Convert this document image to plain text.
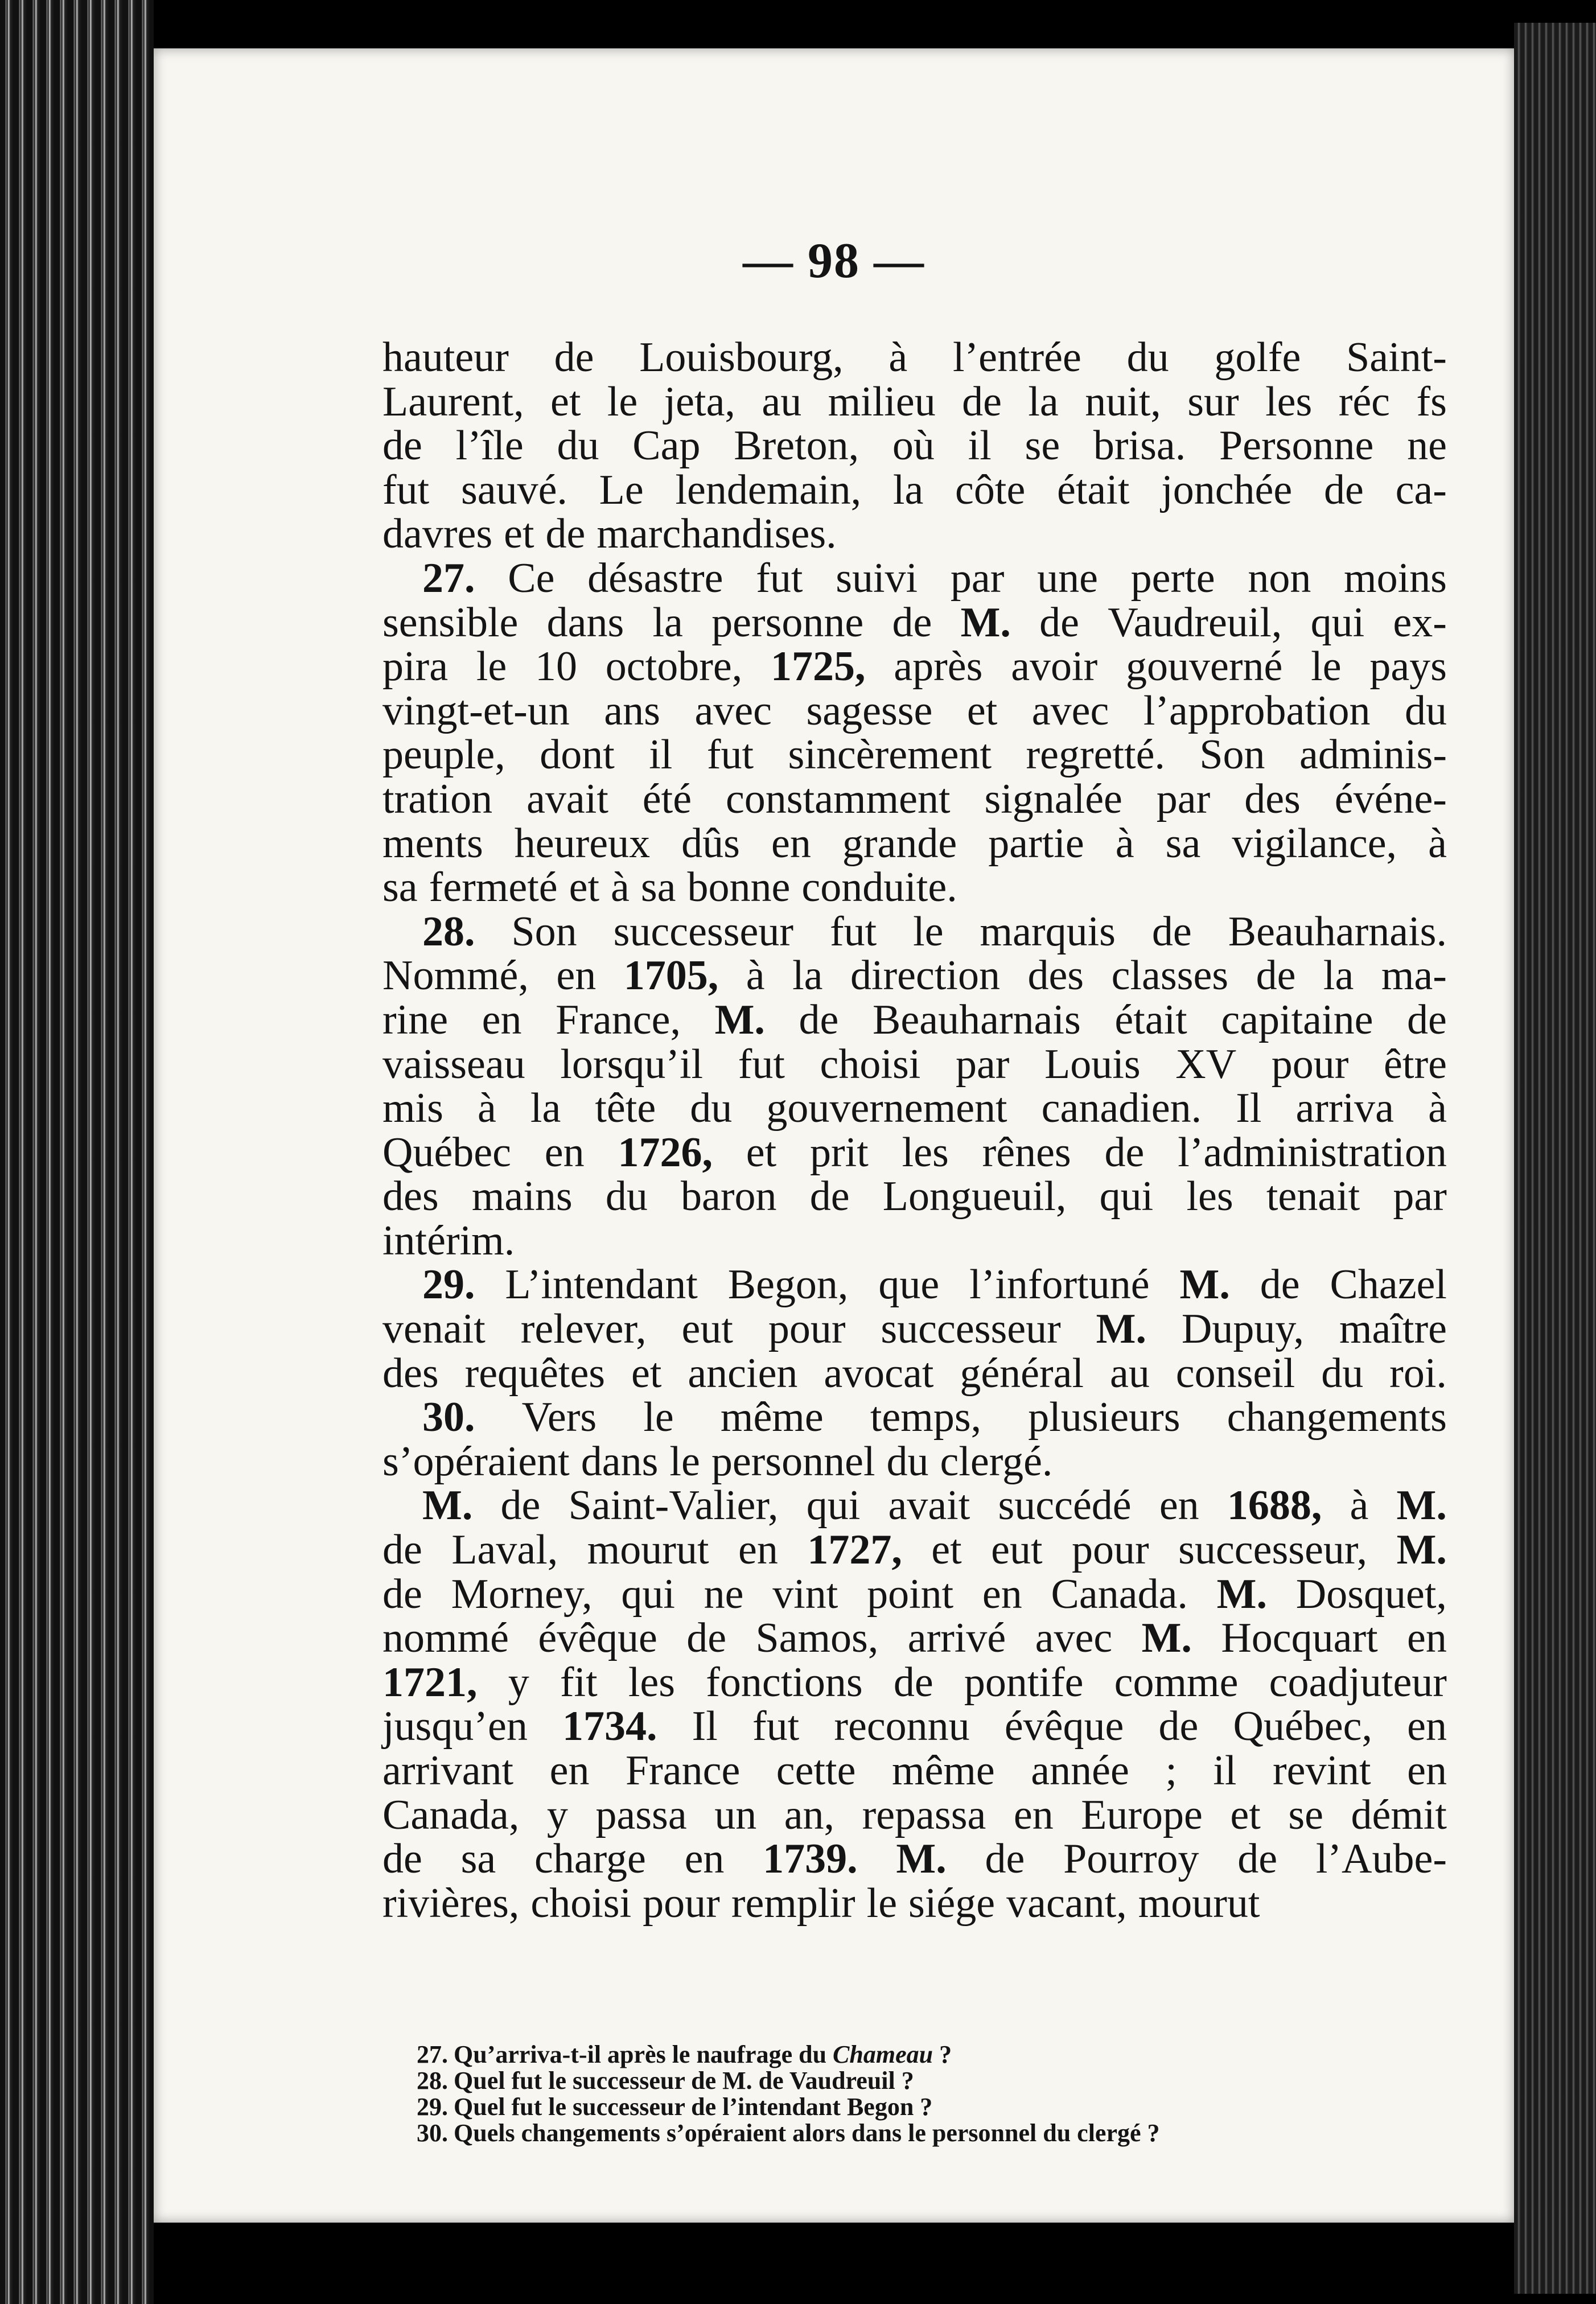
— 98 —
hauteur de Louisbourg, à l’entrée du golfe Saint-
Laurent, et le jeta, au milieu de la nuit, sur les réc fs
de l’île du Cap Breton, où il se brisa. Personne ne
fut sauvé. Le lendemain, la côte était jonchée de ca-
davres et de marchandises.
27. Ce désastre fut suivi par une perte non moins
sensible dans la personne de M. de Vaudreuil, qui ex-
pira le 10 octobre, 1725, après avoir gouverné le pays
vingt-et-un ans avec sagesse et avec l’approbation du
peuple, dont il fut sincèrement regretté. Son adminis-
tration avait été constamment signalée par des événe-
ments heureux dûs en grande partie à sa vigilance, à
sa fermeté et à sa bonne conduite.
28. Son successeur fut le marquis de Beauharnais.
Nommé, en 1705, à la direction des classes de la ma-
rine en France, M. de Beauharnais était capitaine de
vaisseau lorsqu’il fut choisi par Louis XV pour être
mis à la tête du gouvernement canadien. Il arriva à
Québec en 1726, et prit les rênes de l’administration
des mains du baron de Longueuil, qui les tenait par
intérim.
29. L’intendant Begon, que l’infortuné M. de Chazel
venait relever, eut pour successeur M. Dupuy, maître
des requêtes et ancien avocat général au conseil du roi.
30. Vers le même temps, plusieurs changements
s’opéraient dans le personnel du clergé.
M. de Saint-Valier, qui avait succédé en 1688, à M.
de Laval, mourut en 1727, et eut pour successeur, M.
de Morney, qui ne vint point en Canada. M. Dosquet,
nommé évêque de Samos, arrivé avec M. Hocquart en
1721, y fit les fonctions de pontife comme coadjuteur
jusqu’en 1734. Il fut reconnu évêque de Québec, en
arrivant en France cette même année ; il revint en
Canada, y passa un an, repassa en Europe et se démit
de sa charge en 1739. M. de Pourroy de l’Aube-
rivières, choisi pour remplir le siége vacant, mourut
27. Qu’arriva-t-il après le naufrage du Chameau ?
28. Quel fut le successeur de M. de Vaudreuil ?
29. Quel fut le successeur de l’intendant Begon ?
30. Quels changements s’opéraient alors dans le personnel du clergé ?
